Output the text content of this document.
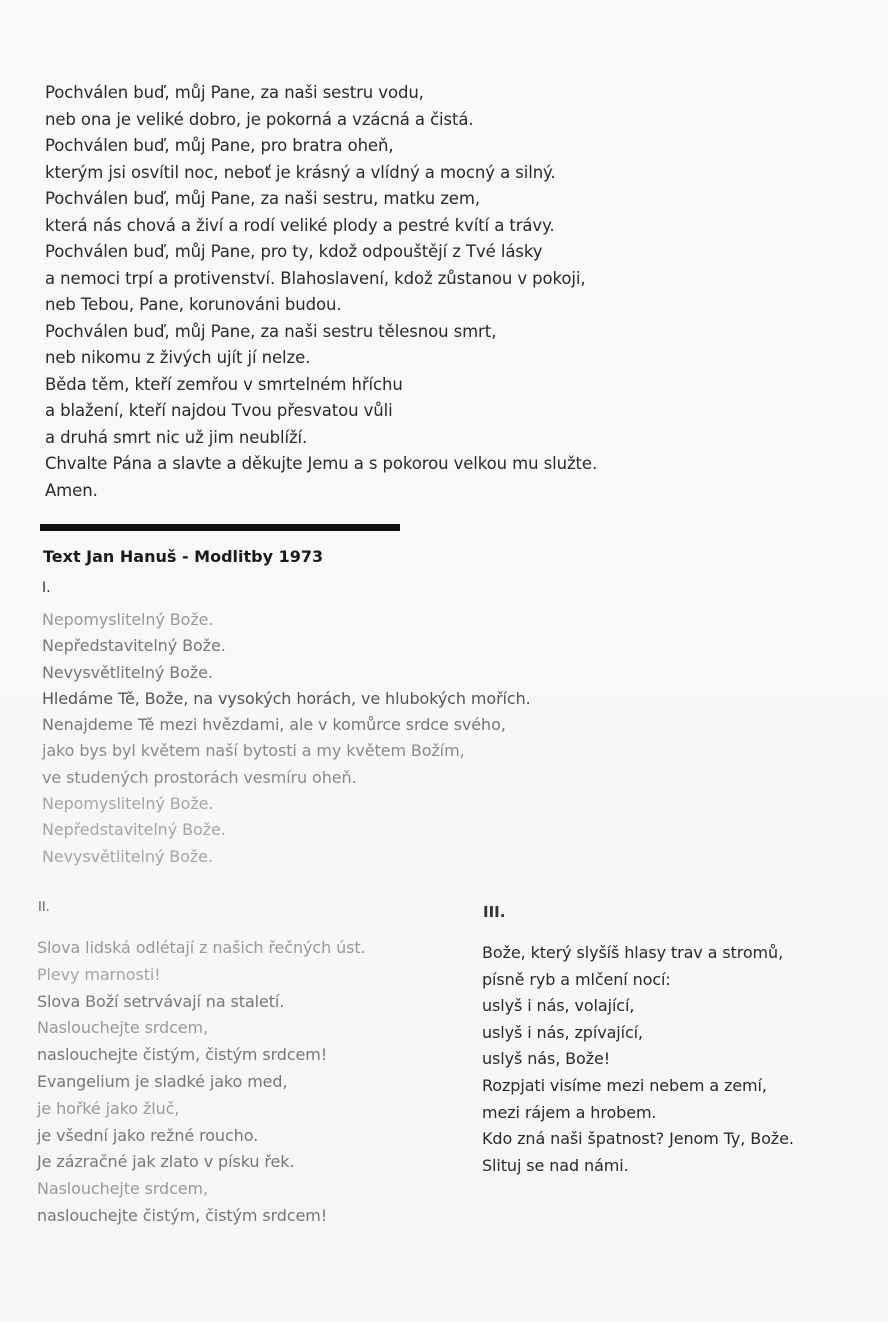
Pochválen buď, můj Pane, za naši sestru vodu,
neb ona je veliké dobro, je pokorná a vzácná a čistá.
Pochválen buď, můj Pane, pro bratra oheň,
kterým jsi osvítil noc, neboť je krásný a vlídný a mocný a silný.
Pochválen buď, můj Pane, za naši sestru, matku zem,
která nás chová a živí a rodí veliké plody a pestré kvítí a trávy.
Pochválen buď, můj Pane, pro ty, kdož odpouštějí z Tvé lásky
a nemoci trpí a protivenství. Blahoslavení, kdož zůstanou v pokoji,
neb Tebou, Pane, korunováni budou.
Pochválen buď, můj Pane, za naši sestru tělesnou smrt,
neb nikomu z živých ujít jí nelze.
Běda těm, kteří zemřou v smrtelném hříchu
a blažení, kteří najdou Tvou přesvatou vůli
a druhá smrt nic už jim neublíží.
Chvalte Pána a slavte a děkujte Jemu a s pokorou velkou mu služte.
Amen.
Text Jan Hanuš - Modlitby 1973
I.
Nepomyslitelný Bože.
Nepředstavitelný Bože.
Nevysvětlitelný Bože.
Hledáme Tě, Bože, na vysokých horách, ve hlubokých mořích.
Nenajdeme Tě mezi hvězdami, ale v komůrce srdce svého,
jako bys byl květem naší bytosti a my květem Božím,
ve studených prostorách vesmíru oheň.
Nepomyslitelný Bože.
Nepředstavitelný Bože.
Nevysvětlitelný Bože.
II.
Slova lidská odlétají z našich řečných úst.
Plevy marnosti!
Slova Boží setrvávají na staletí.
Naslouchejte srdcem,
naslouchejte čistým, čistým srdcem!
Evangelium je sladké jako med,
je hořké jako žluč,
je všední jako režné roucho.
Je zázračné jak zlato v písku řek.
Naslouchejte srdcem,
naslouchejte čistým, čistým srdcem!
III.
Bože, který slyšíš hlasy trav a stromů,
písně ryb a mlčení nocí:
uslyš i nás, volající,
uslyš i nás, zpívající,
uslyš nás, Bože!
Rozpjati visíme mezi nebem a zemí,
mezi rájem a hrobem.
Kdo zná naši špatnost? Jenom Ty, Bože.
Slituj se nad námi.
